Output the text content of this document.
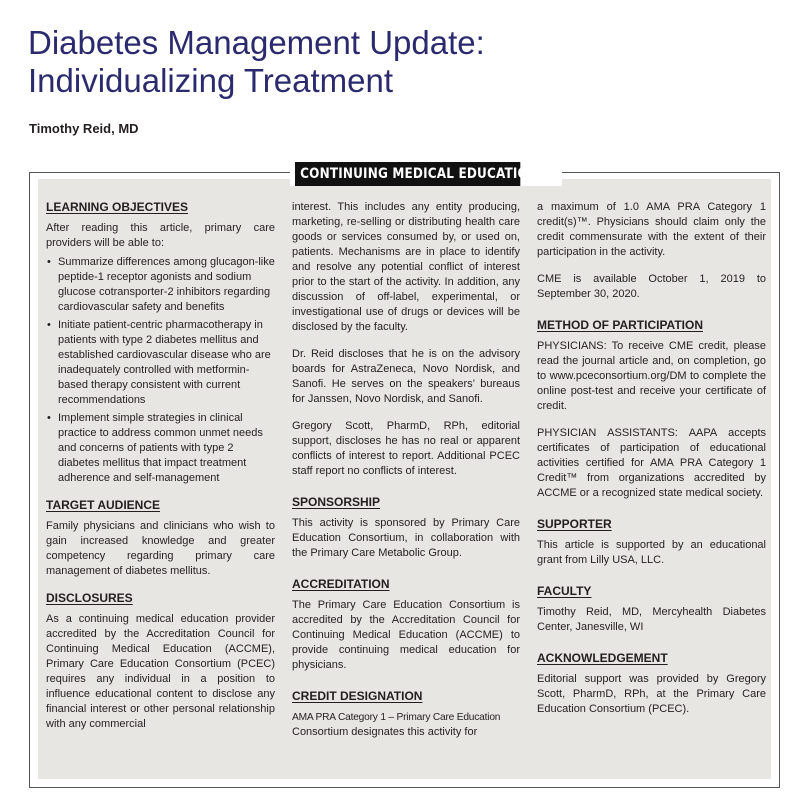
Diabetes Management Update:
Individualizing Treatment
Timothy Reid, MD
CONTINUING MEDICAL EDUCATION
LEARNING OBJECTIVES

After reading this article, primary care providers will be able to:

• Summarize differences among glucagon-like peptide-1 receptor agonists and sodium glucose cotransporter-2 inhibitors regarding cardiovascular safety and benefits
• Initiate patient-centric pharmacotherapy in patients with type 2 diabetes mellitus and established cardiovascular disease who are inadequately controlled with metformin-based therapy consistent with current recommendations
• Implement simple strategies in clinical practice to address common unmet needs and concerns of patients with type 2 diabetes mellitus that impact treatment adherence and self-management
TARGET AUDIENCE

Family physicians and clinicians who wish to gain increased knowledge and greater competency regarding primary care management of diabetes mellitus.

DISCLOSURES

As a continuing medical education provider accredited by the Accreditation Council for Continuing Medical Education (ACCME), Primary Care Education Consortium (PCEC) requires any individual in a position to influence educational content to disclose any financial interest or other personal relationship with any commercial

interest. This includes any entity producing, marketing, re-selling or distributing health care goods or services consumed by, or used on, patients. Mechanisms are in place to identify and resolve any potential conflict of interest prior to the start of the activity. In addition, any discussion of off-label, experimental, or investigational use of drugs or devices will be disclosed by the faculty.

Dr. Reid discloses that he is on the advisory boards for AstraZeneca, Novo Nordisk, and Sanofi. He serves on the speakers’ bureaus for Janssen, Novo Nordisk, and Sanofi.

Gregory Scott, PharmD, RPh, editorial support, discloses he has no real or apparent conflicts of interest to report. Additional PCEC staff report no conflicts of interest.

SPONSORSHIP

This activity is sponsored by Primary Care Education Consortium, in collaboration with the Primary Care Metabolic Group.

ACCREDITATION

The Primary Care Education Consortium is accredited by the Accreditation Council for Continuing Medical Education (ACCME) to provide continuing medical education for physicians.

CREDIT DESIGNATION

AMA PRA Category 1 – Primary Care Education

Consortium designates this activity for

a maximum of 1.0 AMA PRA Category 1 credit(s)™. Physicians should claim only the credit commensurate with the extent of their participation in the activity.

CME is available October 1, 2019 to September 30, 2020.

METHOD OF PARTICIPATION

PHYSICIANS: To receive CME credit, please read the journal article and, on completion, go to www.pceconsortium.org/DM to complete the online post-test and receive your certificate of credit.

PHYSICIAN ASSISTANTS: AAPA accepts certificates of participation of educational activities certified for AMA PRA Category 1 Credit™ from organizations accredited by ACCME or a recognized state medical society.

SUPPORTER

This article is supported by an educational grant from Lilly USA, LLC.

FACULTY

Timothy Reid, MD, Mercyhealth Diabetes Center, Janesville, WI

ACKNOWLEDGEMENT

Editorial support was provided by Gregory Scott, PharmD, RPh, at the Primary Care Education Consortium (PCEC).
